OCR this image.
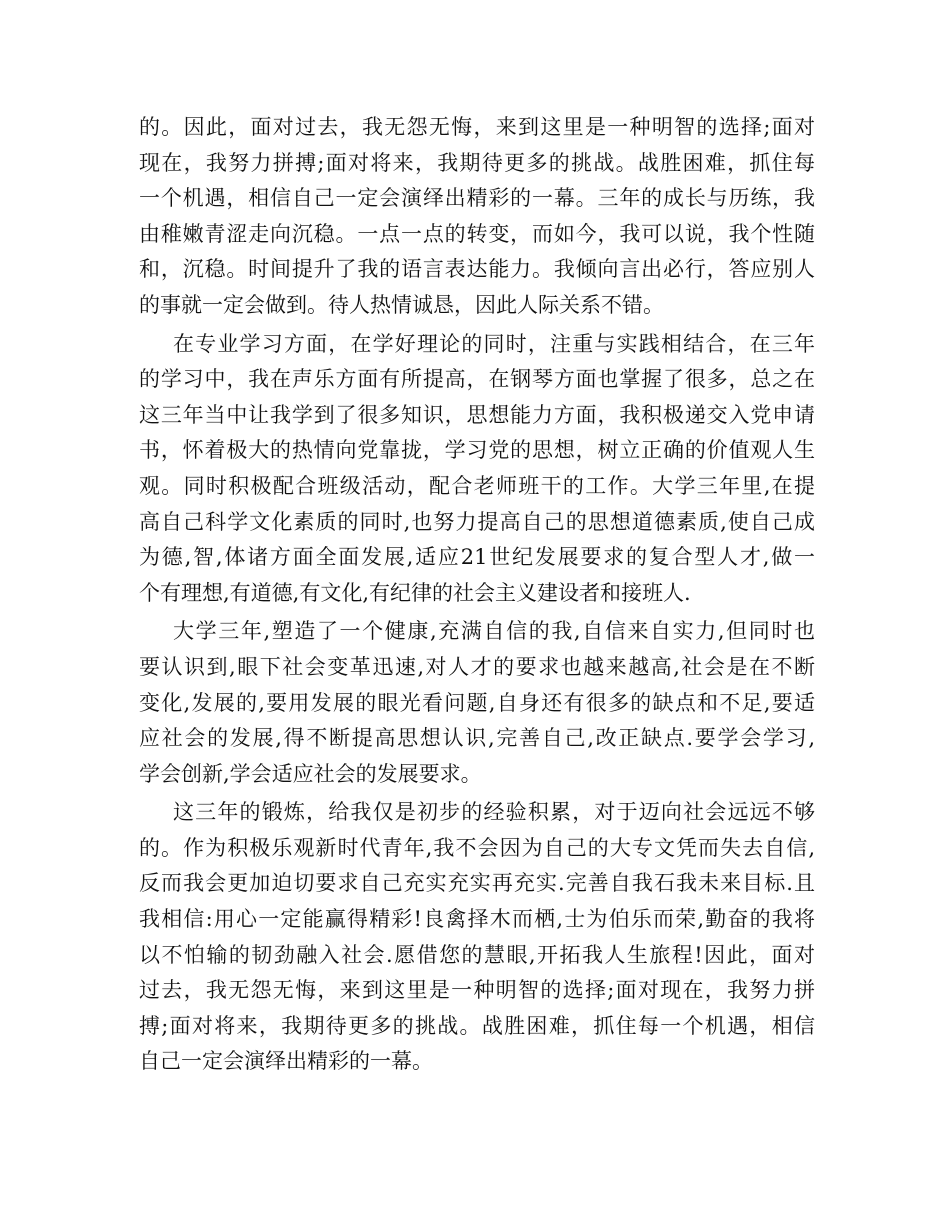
的。因此，面对过去，我无怨无悔，来到这里是一种明智的选择;面对
现在，我努力拼搏;面对将来，我期待更多的挑战。战胜困难，抓住每
一个机遇，相信自己一定会演绎出精彩的一幕。三年的成长与历练，我
由稚嫩青涩走向沉稳。一点一点的转变，而如今，我可以说，我个性随
和，沉稳。时间提升了我的语言表达能力。我倾向言出必行，答应别人
的事就一定会做到。待人热情诚恳，因此人际关系不错。
在专业学习方面，在学好理论的同时，注重与实践相结合，在三年
的学习中，我在声乐方面有所提高，在钢琴方面也掌握了很多，总之在
这三年当中让我学到了很多知识，思想能力方面，我积极递交入党申请
书，怀着极大的热情向党靠拢，学习党的思想，树立正确的价值观人生
观。同时积极配合班级活动，配合老师班干的工作。大学三年里,在提
高自己科学文化素质的同时,也努力提高自己的思想道德素质,使自己成
为德,智,体诸方面全面发展,适应21世纪发展要求的复合型人才,做一
个有理想,有道德,有文化,有纪律的社会主义建设者和接班人.
大学三年,塑造了一个健康,充满自信的我,自信来自实力,但同时也
要认识到,眼下社会变革迅速,对人才的要求也越来越高,社会是在不断
变化,发展的,要用发展的眼光看问题,自身还有很多的缺点和不足,要适
应社会的发展,得不断提高思想认识,完善自己,改正缺点.要学会学习,
学会创新,学会适应社会的发展要求。
这三年的锻炼，给我仅是初步的经验积累，对于迈向社会远远不够
的。作为积极乐观新时代青年,我不会因为自己的大专文凭而失去自信,
反而我会更加迫切要求自己充实充实再充实.完善自我石我未来目标.且
我相信:用心一定能赢得精彩!良禽择木而栖,士为伯乐而荣,勤奋的我将
以不怕输的韧劲融入社会.愿借您的慧眼,开拓我人生旅程!因此，面对
过去，我无怨无悔，来到这里是一种明智的选择;面对现在，我努力拼
搏;面对将来，我期待更多的挑战。战胜困难，抓住每一个机遇，相信
自己一定会演绎出精彩的一幕。
